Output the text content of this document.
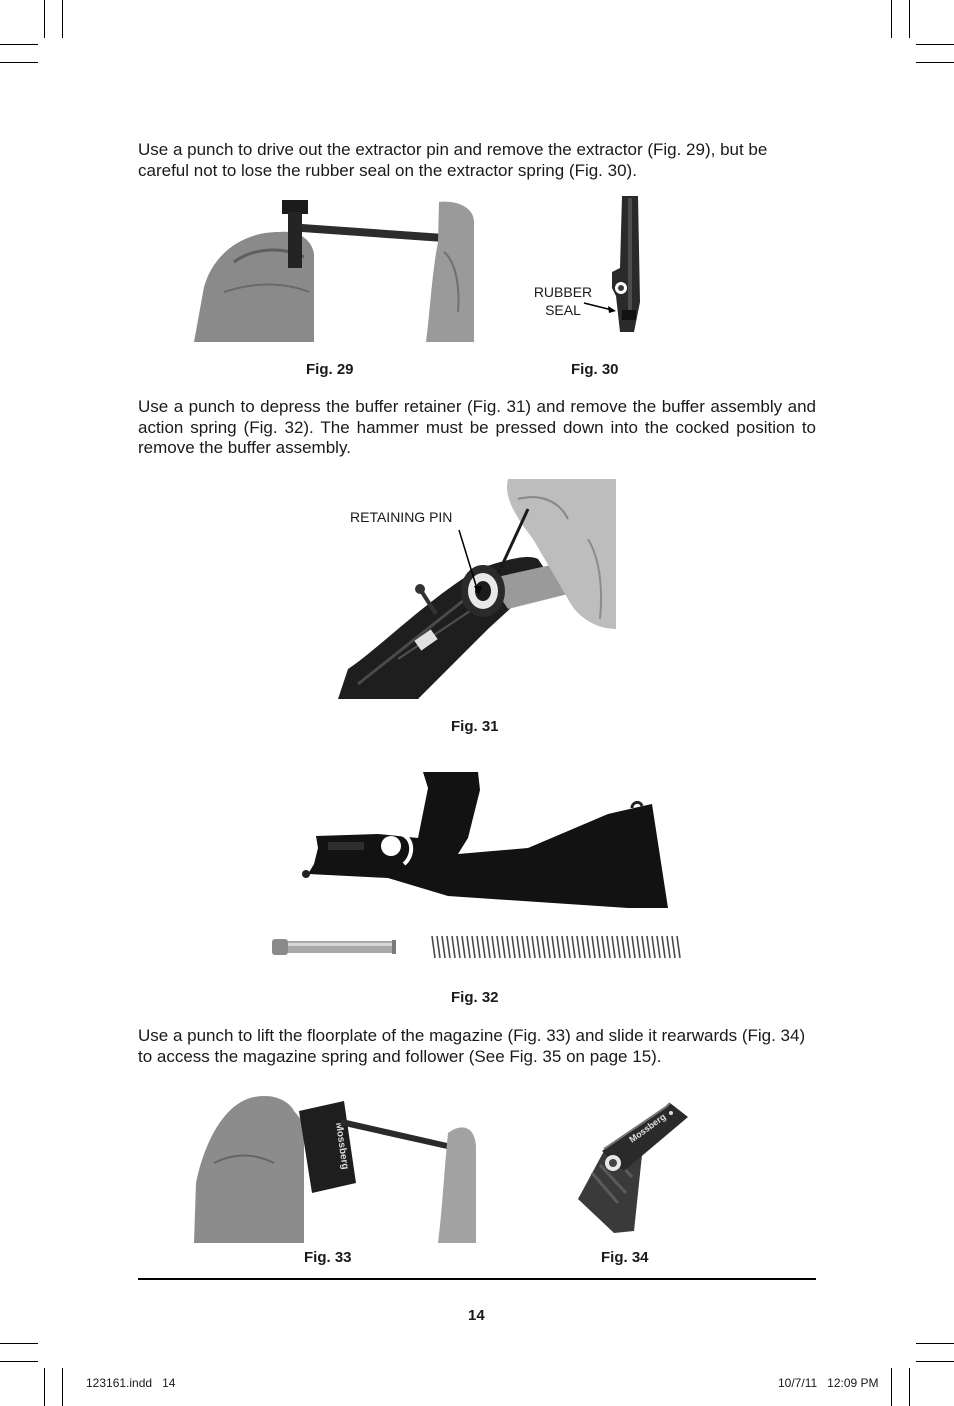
Use a punch to drive out the extractor pin and remove the extractor (Fig. 29), but be careful not to lose the rubber seal on the extractor spring (Fig. 30).
RUBBER
SEAL
Fig. 29	Fig. 30
Use a punch to depress the buffer retainer (Fig. 31) and remove the buffer assembly and action spring (Fig. 32). The hammer must be pressed down into the cocked position to remove the buffer assembly.
RETAINING PIN
Fig. 31
Fig. 32
Use a punch to lift the floorplate of the magazine (Fig. 33) and slide it rearwards (Fig. 34) to access the magazine spring and follower (See Fig. 35 on page 15).
Mossberg	Mossberg
Fig. 33	Fig. 34
14
123161.indd   14	10/7/11   12:09 PM
